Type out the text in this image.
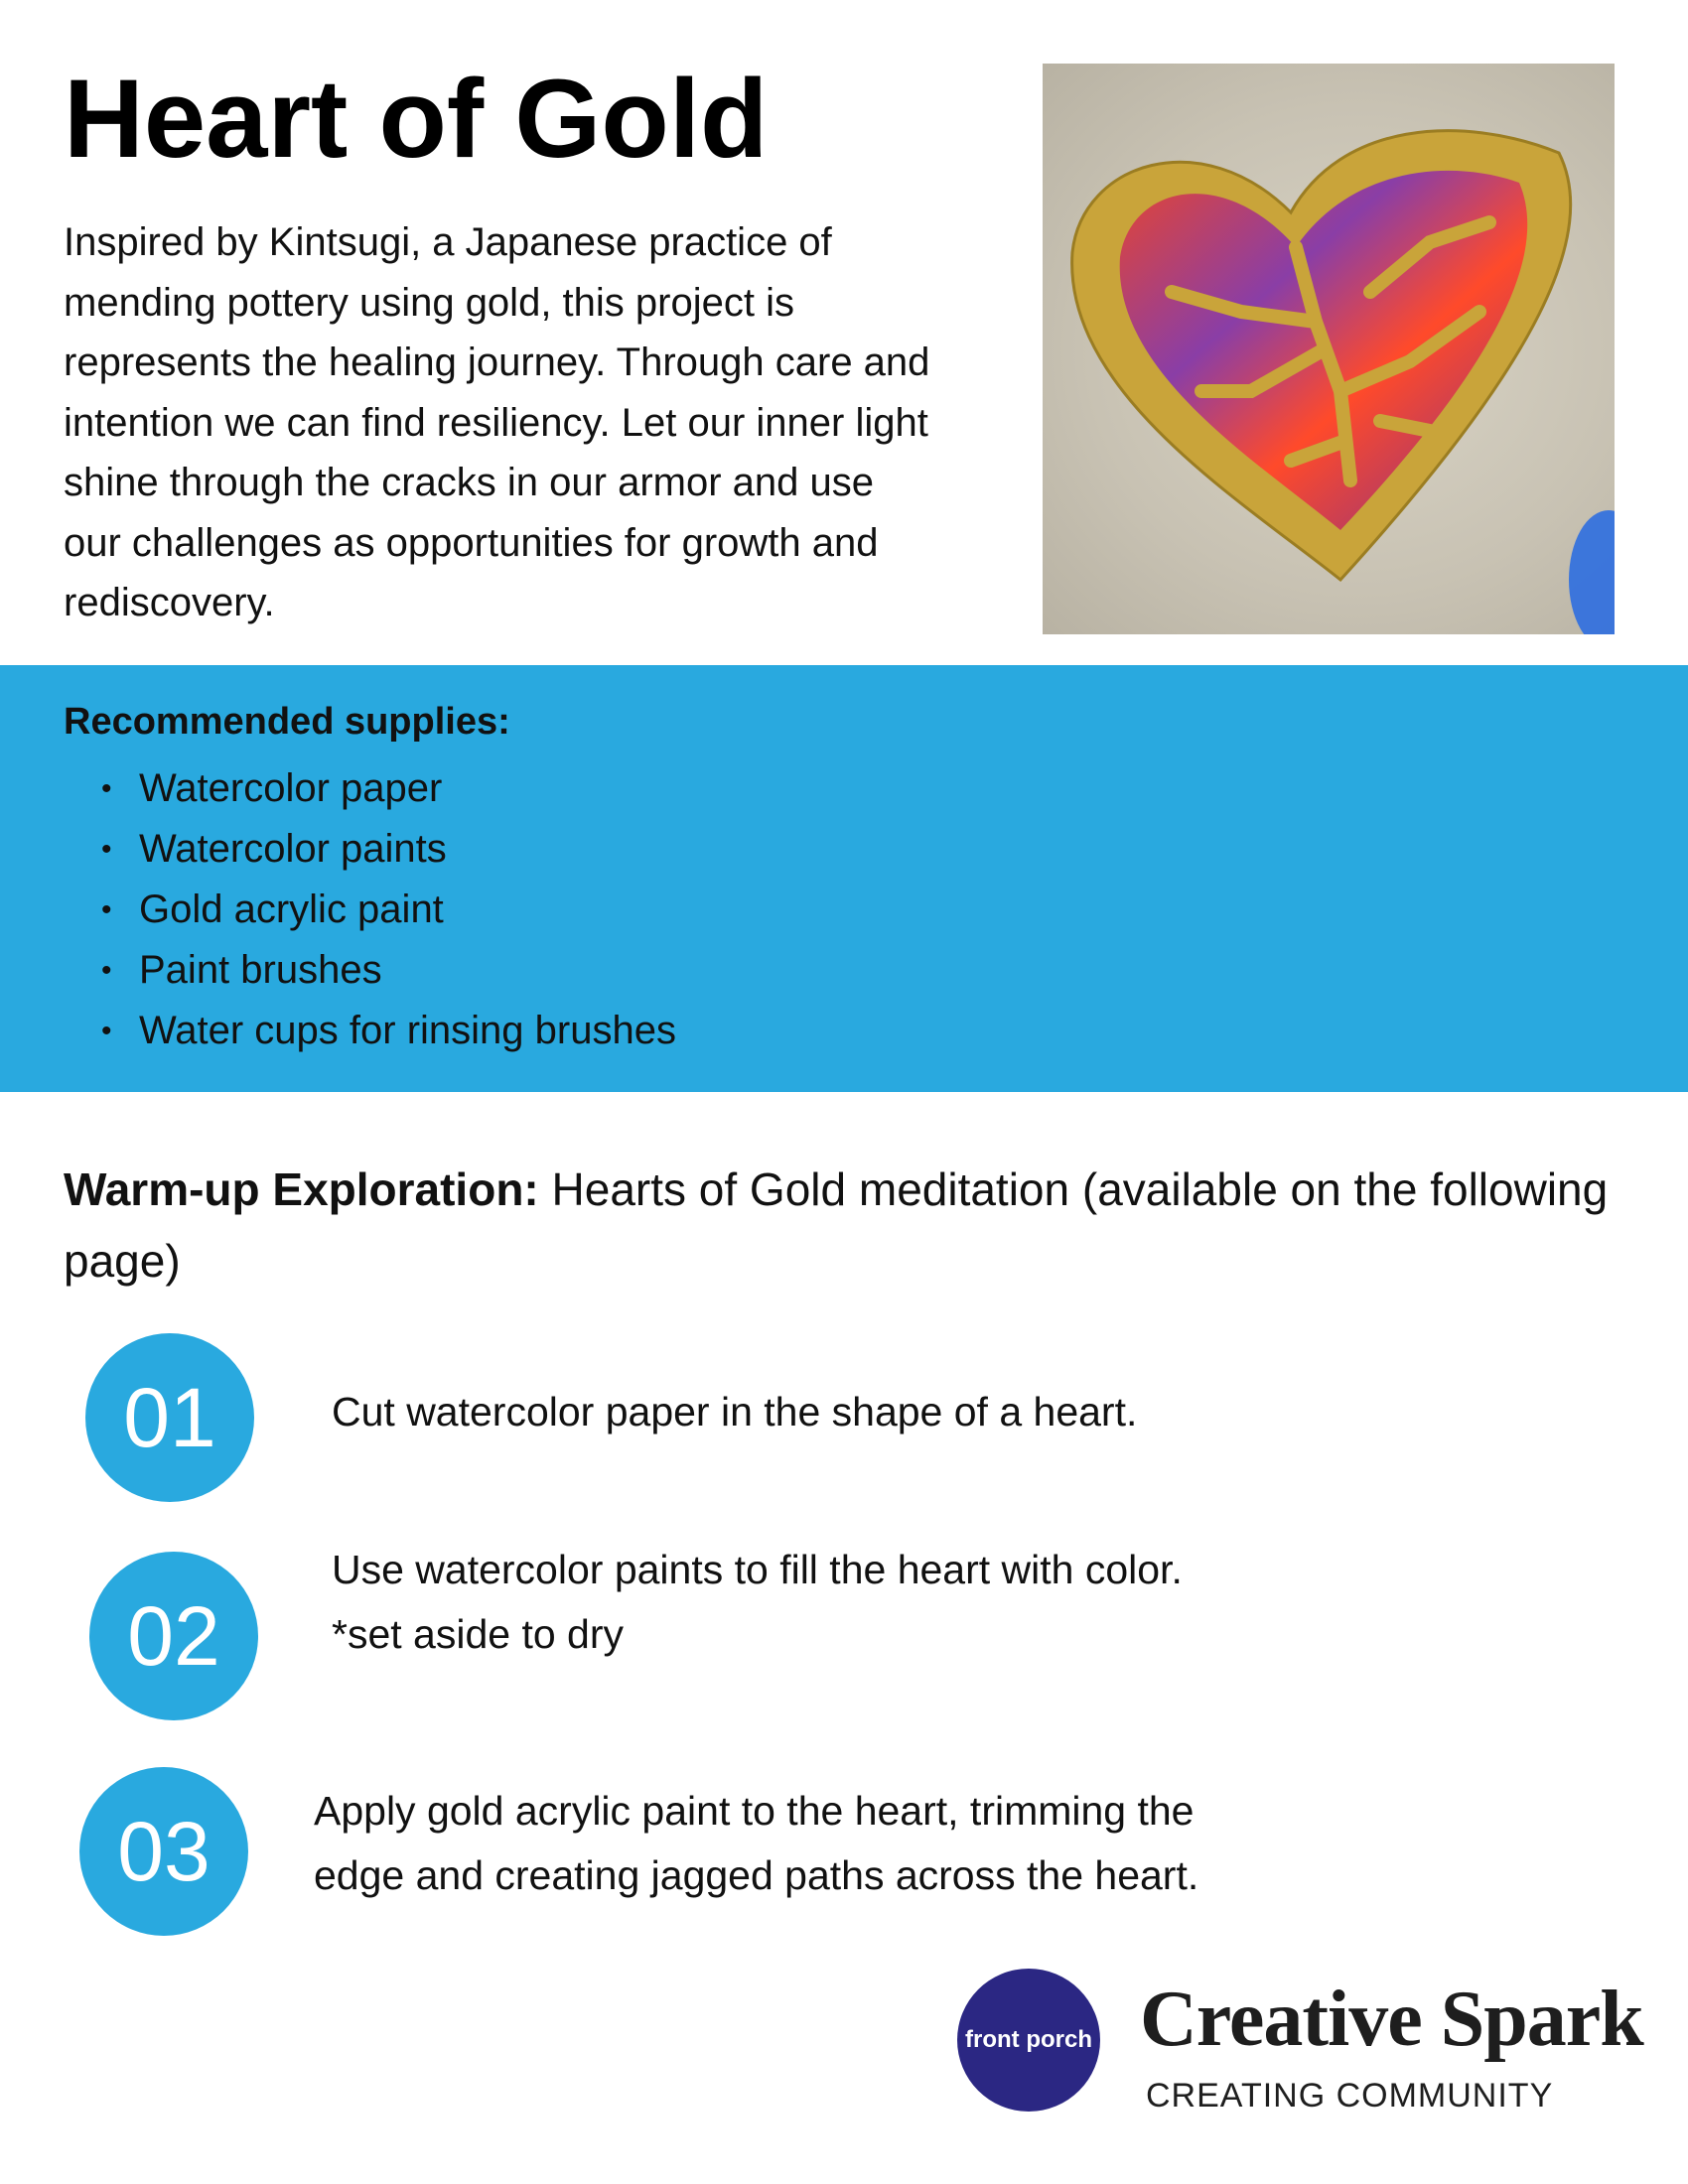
Heart of Gold

Inspired by Kintsugi, a Japanese practice of mending pottery using gold, this project is represents the healing journey. Through care and intention we can find resiliency. Let our inner light shine through the cracks in our armor and use our challenges as opportunities for growth and rediscovery.

Recommended supplies:
• Watercolor paper
• Watercolor paints
• Gold acrylic paint
• Paint brushes
• Water cups for rinsing brushes

Warm-up Exploration: Hearts of Gold meditation (available on the following page)

01	Cut watercolor paper in the shape of a heart.

02

Use watercolor paints to fill the heart with color.
*set aside to dry

03	Apply gold acrylic paint to the heart, trimming the
edge and creating jagged paths across the heart.

front porch Creative Spark

CREATING COMMUNITY
